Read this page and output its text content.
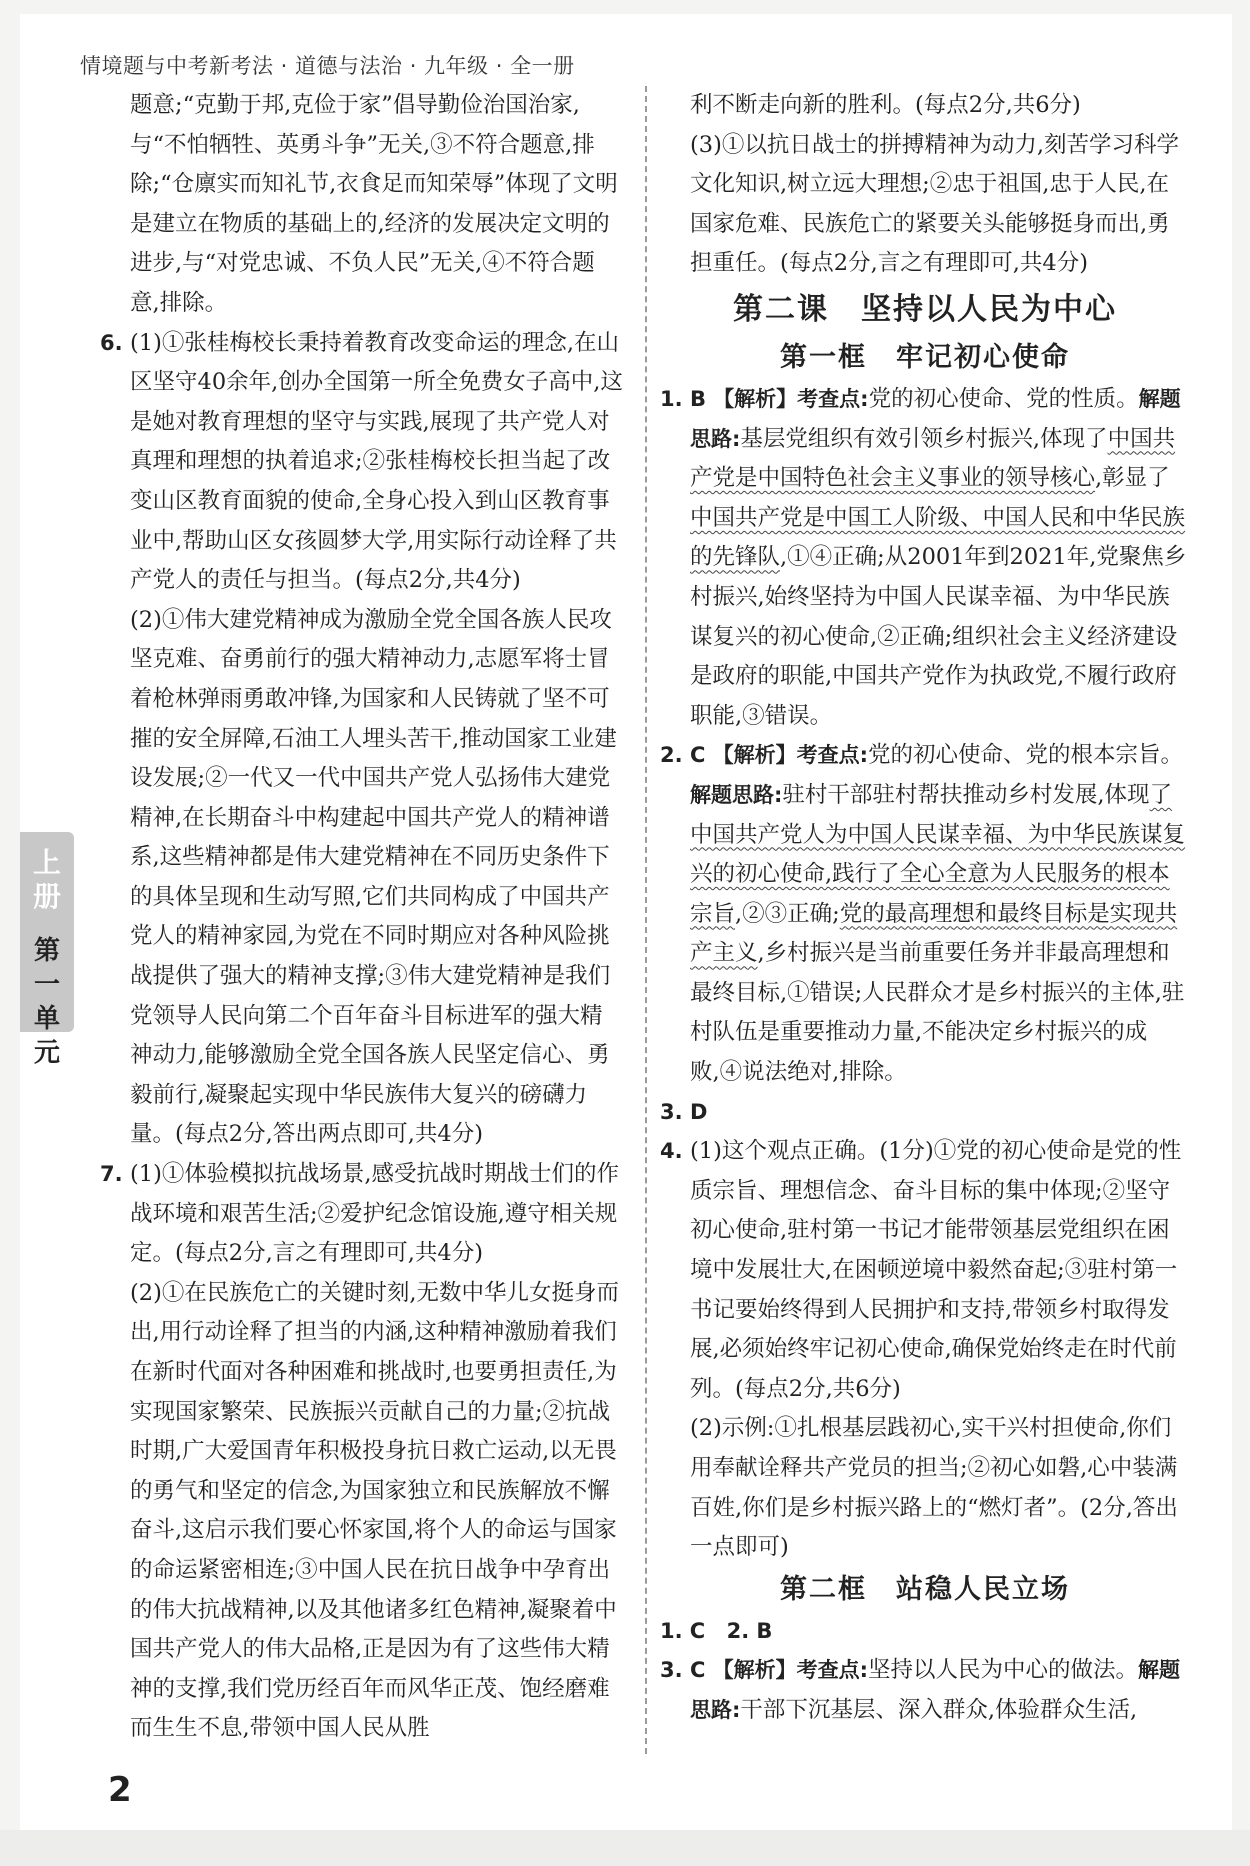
情境题与中考新考法 · 道德与法治 · 九年级 · 全一册

题意;“克勤于邦,克俭于家”倡导勤俭治国治家,与“不怕牺牲、英勇斗争”无关,③不符合题意,排除;“仓廪实而知礼节,衣食足而知荣辱”体现了文明是建立在物质的基础上的,经济的发展决定文明的进步,与“对党忠诚、不负人民”无关,④不符合题意,排除。

6. (1)①张桂梅校长秉持着教育改变命运的理念,在山区坚守40余年,创办全国第一所全免费女子高中,这是她对教育理想的坚守与实践,展现了共产党人对真理和理想的执着追求;②张桂梅校长担当起了改变山区教育面貌的使命,全身心投入到山区教育事业中,帮助山区女孩圆梦大学,用实际行动诠释了共产党人的责任与担当。(每点2分,共4分)

(2)①伟大建党精神成为激励全党全国各族人民攻坚克难、奋勇前行的强大精神动力,志愿军将士冒着枪林弹雨勇敢冲锋,为国家和人民铸就了坚不可摧的安全屏障,石油工人埋头苦干,推动国家工业建设发展;②一代又一代中国共产党人弘扬伟大建党精神,在长期奋斗中构建起中国共产党人的精神谱系,这些精神都是伟大建党精神在不同历史条件下的具体呈现和生动写照,它们共同构成了中国共产党人的精神家园,为党在不同时期应对各种风险挑战提供了强大的精神支撑;③伟大建党精神是我们党领导人民向第二个百年奋斗目标进军的强大精神动力,能够激励全党全国各族人民坚定信心、勇毅前行,凝聚起实现中华民族伟大复兴的磅礴力量。(每点2分,答出两点即可,共4分)

7. (1)①体验模拟抗战场景,感受抗战时期战士们的作战环境和艰苦生活;②爱护纪念馆设施,遵守相关规定。(每点2分,言之有理即可,共4分)

(2)①在民族危亡的关键时刻,无数中华儿女挺身而出,用行动诠释了担当的内涵,这种精神激励着我们在新时代面对各种困难和挑战时,也要勇担责任,为实现国家繁荣、民族振兴贡献自己的力量;②抗战时期,广大爱国青年积极投身抗日救亡运动,以无畏的勇气和坚定的信念,为国家独立和民族解放不懈奋斗,这启示我们要心怀家国,将个人的命运与国家的命运紧密相连;③中国人民在抗日战争中孕育出的伟大抗战精神,以及其他诸多红色精神,凝聚着中国共产党人的伟大品格,正是因为有了这些伟大精神的支撑,我们党历经百年而风华正茂、饱经磨难而生生不息,带领中国人民从胜

利不断走向新的胜利。(每点2分,共6分)

(3)①以抗日战士的拼搏精神为动力,刻苦学习科学文化知识,树立远大理想;②忠于祖国,忠于人民,在国家危难、民族危亡的紧要关头能够挺身而出,勇担重任。(每点2分,言之有理即可,共4分)

第二课　坚持以人民为中心
第一框　牢记初心使命
1. B 【解析】考查点:党的初心使命、党的性质。解题思路:基层党组织有效引领乡村振兴,体现了中国共产党是中国特色社会主义事业的领导核心,彰显了中国共产党是中国工人阶级、中国人民和中华民族的先锋队,①④正确;从2001年到2021年,党聚焦乡村振兴,始终坚持为中国人民谋幸福、为中华民族谋复兴的初心使命,②正确;组织社会主义经济建设是政府的职能,中国共产党作为执政党,不履行政府职能,③错误。

2. C 【解析】考查点:党的初心使命、党的根本宗旨。解题思路:驻村干部驻村帮扶推动乡村发展,体现了中国共产党人为中国人民谋幸福、为中华民族谋复兴的初心使命,践行了全心全意为人民服务的根本宗旨,②③正确;党的最高理想和最终目标是实现共产主义,乡村振兴是当前重要任务并非最高理想和最终目标,①错误;人民群众才是乡村振兴的主体,驻村队伍是重要推动力量,不能决定乡村振兴的成败,④说法绝对,排除。

3. D

4. (1)这个观点正确。(1分)①党的初心使命是党的性质宗旨、理想信念、奋斗目标的集中体现;②坚守初心使命,驻村第一书记才能带领基层党组织在困境中发展壮大,在困顿逆境中毅然奋起;③驻村第一书记要始终得到人民拥护和支持,带领乡村取得发展,必须始终牢记初心使命,确保党始终走在时代前列。(每点2分,共6分)

(2)示例:①扎根基层践初心,实干兴村担使命,你们用奉献诠释共产党员的担当;②初心如磐,心中装满百姓,你们是乡村振兴路上的“燃灯者”。(2分,答出一点即可)

第二框　站稳人民立场

1. C 2. B

3. C 【解析】考查点:坚持以人民为中心的做法。解题思路:干部下沉基层、深入群众,体验群众生活,

上
册
第
一
单
元
2
